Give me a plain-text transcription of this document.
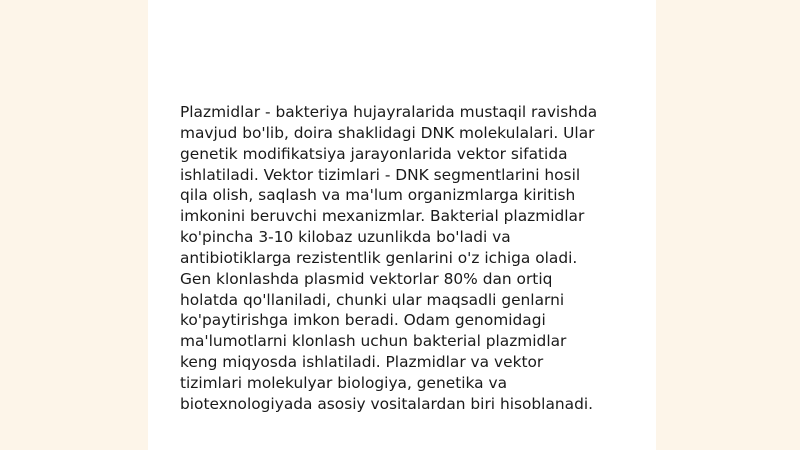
Plazmidlar - bakteriya hujayralarida mustaqil ravishda
mavjud bo'lib, doira shaklidagi DNK molekulalari. Ular
genetik modifikatsiya jarayonlarida vektor sifatida
ishlatiladi. Vektor tizimlari - DNK segmentlarini hosil
qila olish, saqlash va ma'lum organizmlarga kiritish
imkonini beruvchi mexanizmlar. Bakterial plazmidlar
ko'pincha 3-10 kilobaz uzunlikda bo'ladi va
antibiotiklarga rezistentlik genlarini o'z ichiga oladi.
Gen klonlashda plasmid vektorlar 80% dan ortiq
holatda qo'llaniladi, chunki ular maqsadli genlarni
ko'paytirishga imkon beradi. Odam genomidagi
ma'lumotlarni klonlash uchun bakterial plazmidlar
keng miqyosda ishlatiladi. Plazmidlar va vektor
tizimlari molekulyar biologiya, genetika va
biotexnologiyada asosiy vositalardan biri hisoblanadi.
